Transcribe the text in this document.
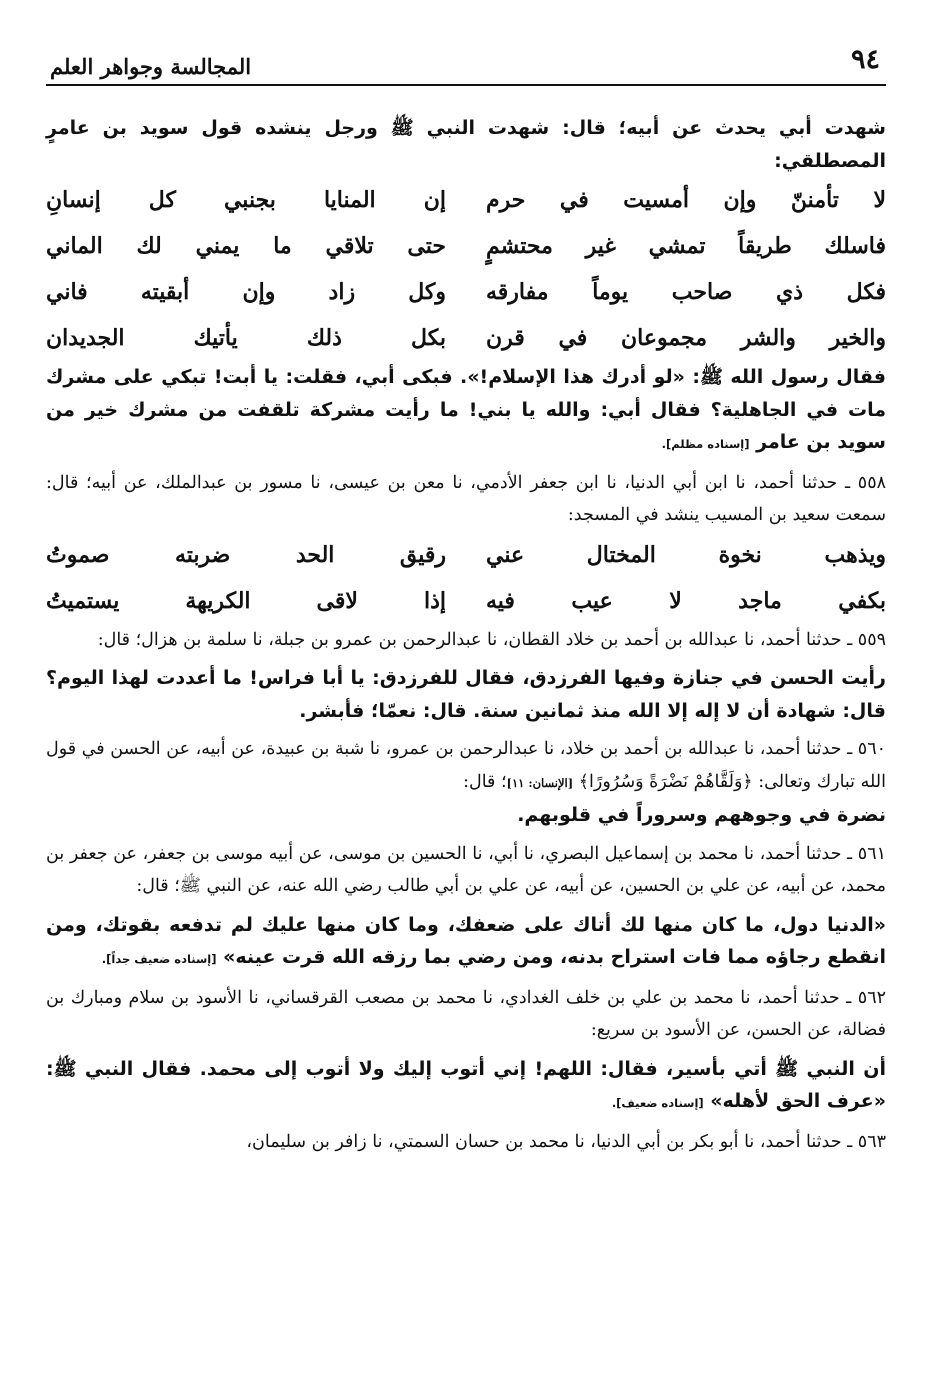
٩٤
المجالسة وجواهر العلم

شهدت أبي يحدث عن أبيه؛ قال: شهدت النبي ﷺ ورجل ينشده قول سويد بن عامرٍ المصطلقي:

لا تأمننّ وإن أمسيت في حرم
إن المنايا بجنبي كل إنسانِ
فاسلك طريقاً تمشي غير محتشمٍ
حتى تلاقي ما يمني لك الماني
فكل ذي صاحب يوماً مفارقه
وكل زاد وإن أبقيته فاني
والخير والشر مجموعان في قرن
بكل ذلك يأتيك الجديدان

فقال رسول الله ﷺ: «لو أدرك هذا الإسلام!». فبكى أبي، فقلت: يا أبت! تبكي على مشرك مات في الجاهلية؟ فقال أبي: والله يا بني! ما رأيت مشركة تلقفت من مشرك خير من سويد بن عامر [إسناده مظلم].

٥٥٨ ـ حدثنا أحمد، نا ابن أبي الدنيا، نا ابن جعفر الأدمي، نا معن بن عيسى، نا مسور بن عبدالملك، عن أبيه؛ قال: سمعت سعيد بن المسيب ينشد في المسجد:

ويذهب نخوة المختال عني
رقيق الحد ضربته صموتُ
بكفي ماجد لا عيب فيه
إذا لاقى الكريهة يستميتُ

٥٥٩ ـ حدثنا أحمد، نا عبدالله بن أحمد بن خلاد القطان، نا عبدالرحمن بن عمرو بن جبلة، نا سلمة بن هزال؛ قال:

رأيت الحسن في جنازة وفيها الفرزدق، فقال للفرزدق: يا أبا فراس! ما أعددت لهذا اليوم؟ قال: شهادة أن لا إله إلا الله منذ ثمانين سنة. قال: نعمّا؛ فأبشر.

٥٦٠ ـ حدثنا أحمد، نا عبدالله بن أحمد بن خلاد، نا عبدالرحمن بن عمرو، نا شبة بن عبيدة، عن أبيه، عن الحسن في قول الله تبارك وتعالى: ﴿وَلَقَّاهُمْ نَضْرَةً وَسُرُورًا﴾ [الإنسان: ١١]؛ قال:

نضرة في وجوههم وسروراً في قلوبهم.

٥٦١ ـ حدثنا أحمد، نا محمد بن إسماعيل البصري، نا أبي، نا الحسين بن موسى، عن أبيه موسى بن جعفر، عن جعفر بن محمد، عن أبيه، عن علي بن الحسين، عن أبيه، عن علي بن أبي طالب رضي الله عنه، عن النبي ﷺ؛ قال:

«الدنيا دول، ما كان منها لك أتاك على ضعفك، وما كان منها عليك لم تدفعه بقوتك، ومن انقطع رجاؤه مما فات استراح بدنه، ومن رضي بما رزقه الله قرت عينه» [إسناده ضعيف جداً].

٥٦٢ ـ حدثنا أحمد، نا محمد بن علي بن خلف الغدادي، نا محمد بن مصعب القرقساني، نا الأسود بن سلام ومبارك بن فضالة، عن الحسن، عن الأسود بن سريع:

أن النبي ﷺ أتي بأسير، فقال: اللهم! إني أتوب إليك ولا أتوب إلى محمد. فقال النبي ﷺ: «عرف الحق لأهله» [إسناده ضعيف].

٥٦٣ ـ حدثنا أحمد، نا أبو بكر بن أبي الدنيا، نا محمد بن حسان السمتي، نا زافر بن سليمان،
